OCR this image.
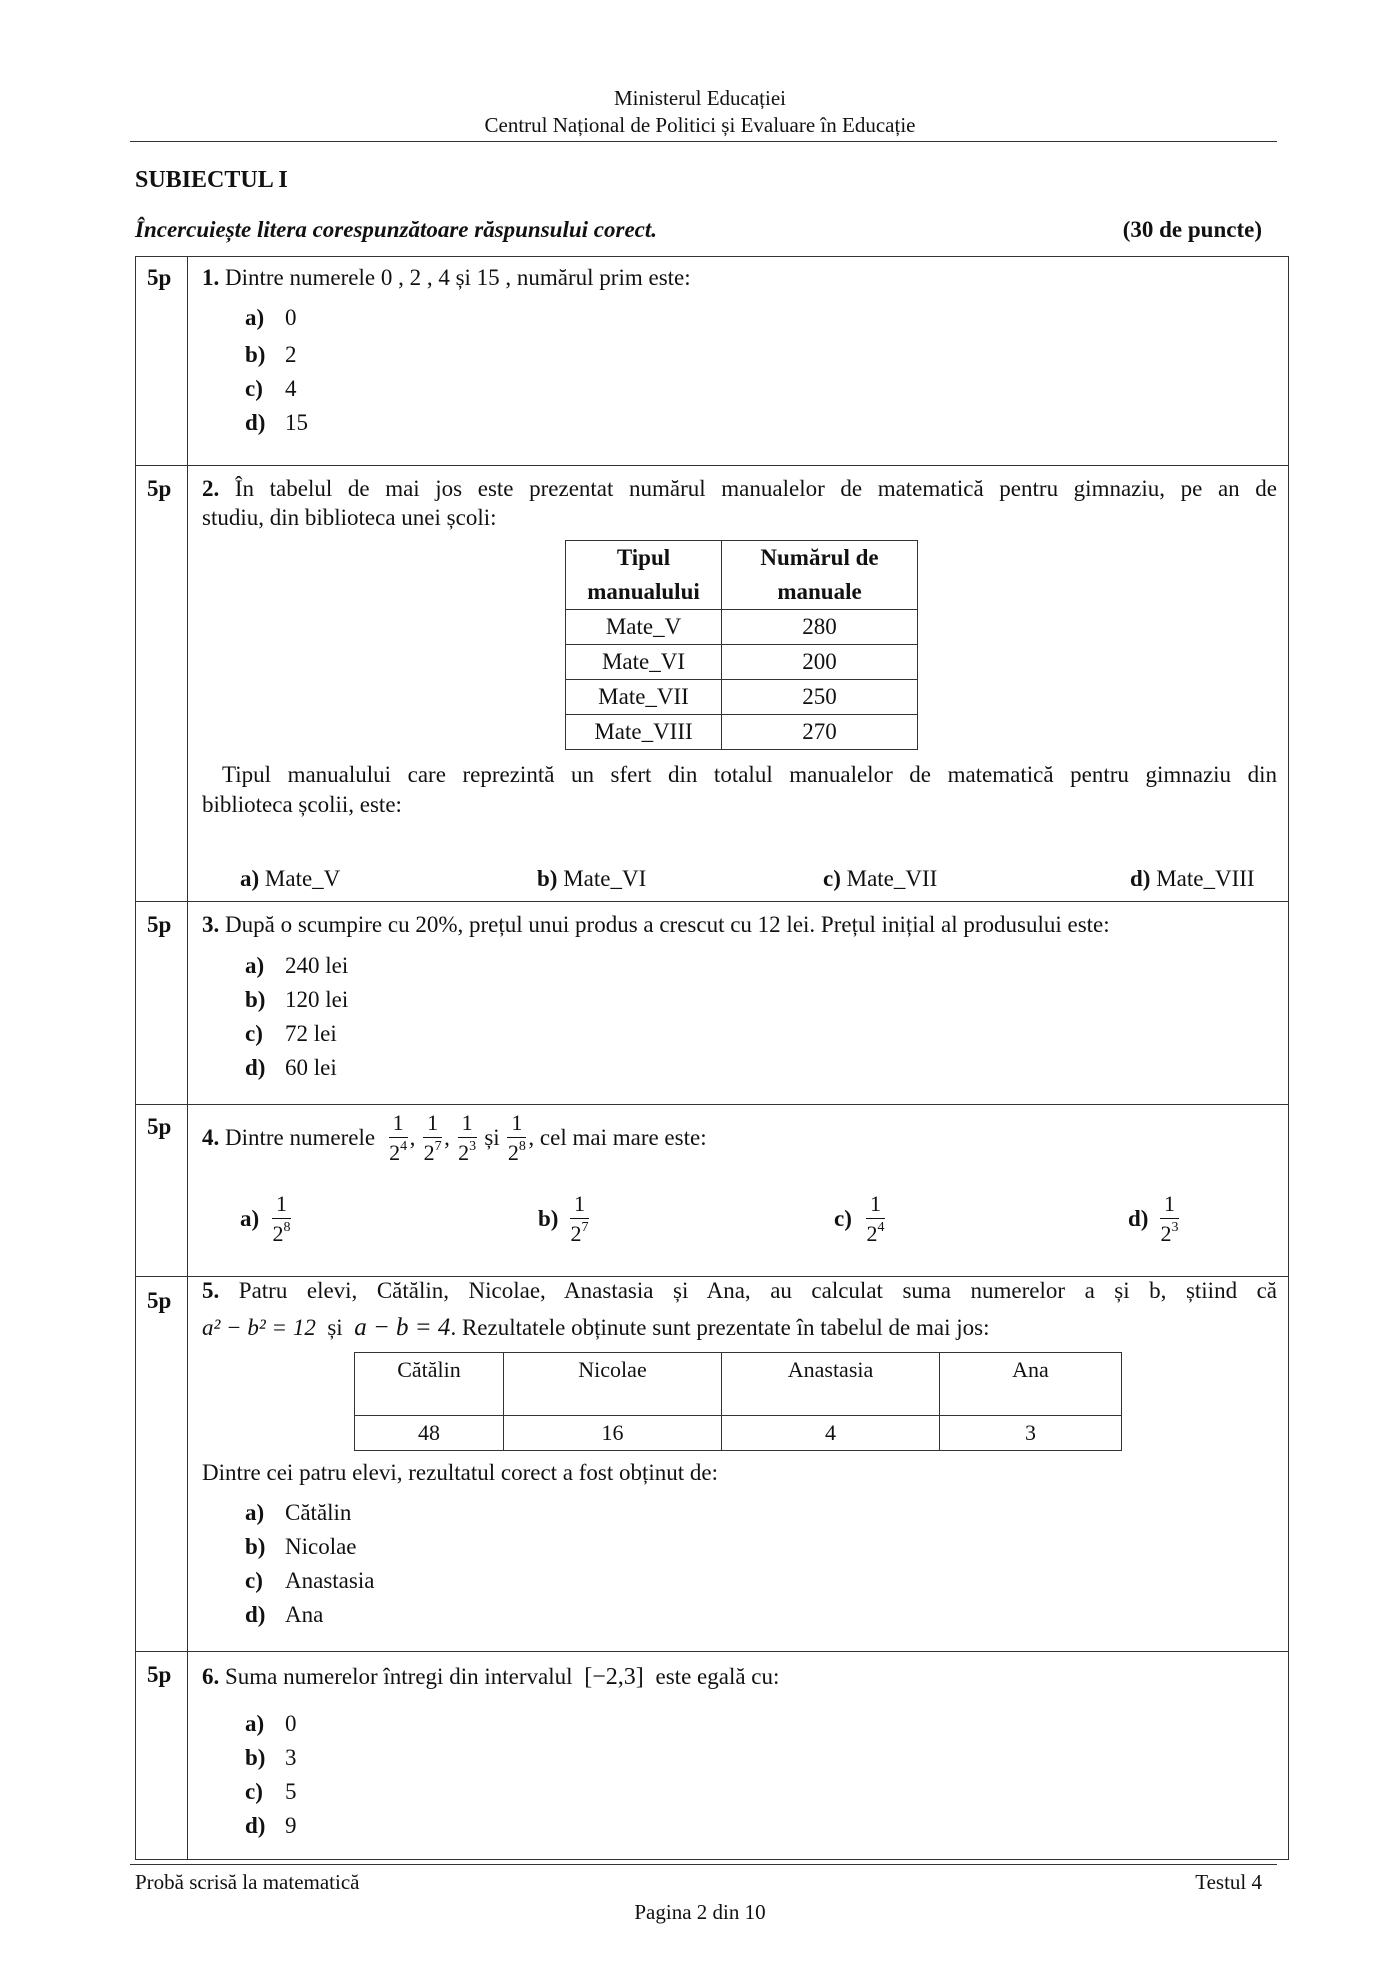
Ministerul Educației
Centrul Național de Politici și Evaluare în Educație
SUBIECTUL I
Încercuiește litera corespunzătoare răspunsului corect.	(30 de puncte)
5p 1. Dintre numerele 0 , 2 , 4 și 15 , numărul prim este:
a) 0
b) 2
c) 4
d) 15
5p 2. În tabelul de mai jos este prezentat numărul manualelor de matematică pentru gimnaziu, pe an de
studiu, din biblioteca unei școli:
Tipul
manualului	Numărul de
manuale
Mate_V	280
Mate_VI	200
Mate_VII	250
Mate_VIII	270
Tipul manualului care reprezintă un sfert din totalul manualelor de matematică pentru gimnaziu din
biblioteca școlii, este:
a) Mate_V	b) Mate_VI	c) Mate_VII	d) Mate_VIII
5p 3. După o scumpire cu 20%, prețul unui produs a crescut cu 12 lei. Prețul inițial al produsului este:
a) 240 lei
b) 120 lei
c) 72 lei
d) 60 lei
5p 4.
Dintre numerele
$\frac{1}{2^4}$ , $\frac{1}{2^7}$ , $\frac{1}{2^3}$
și
$\frac{1}{2^8}$ , cel mai mare este:
$a) \frac{1}{2^8}$	$b) \frac{1}{2^7}$	$c) \frac{1}{2^4}$	$d) \frac{1}{2^3}$
5p 5. Patru elevi, Cătălin, Nicolae, Anastasia și Ana, au calculat suma numerelor a și b, știind că
a² − b² = 12 și a − b = 4. Rezultatele obținute sunt prezentate în tabelul de mai jos:
Cătălin	Nicolae	Anastasia	Ana
48	16	4	3
Dintre cei patru elevi, rezultatul corect a fost obținut de:
a) Cătălin
b) Nicolae
c) Anastasia
d) Ana
5p 6. Suma numerelor întregi din intervalul [−2,3] este egală cu:
a) 0
b) 3
c) 5
d) 9
Probă scrisă la matematică	Testul 4
Pagina 2 din 10
